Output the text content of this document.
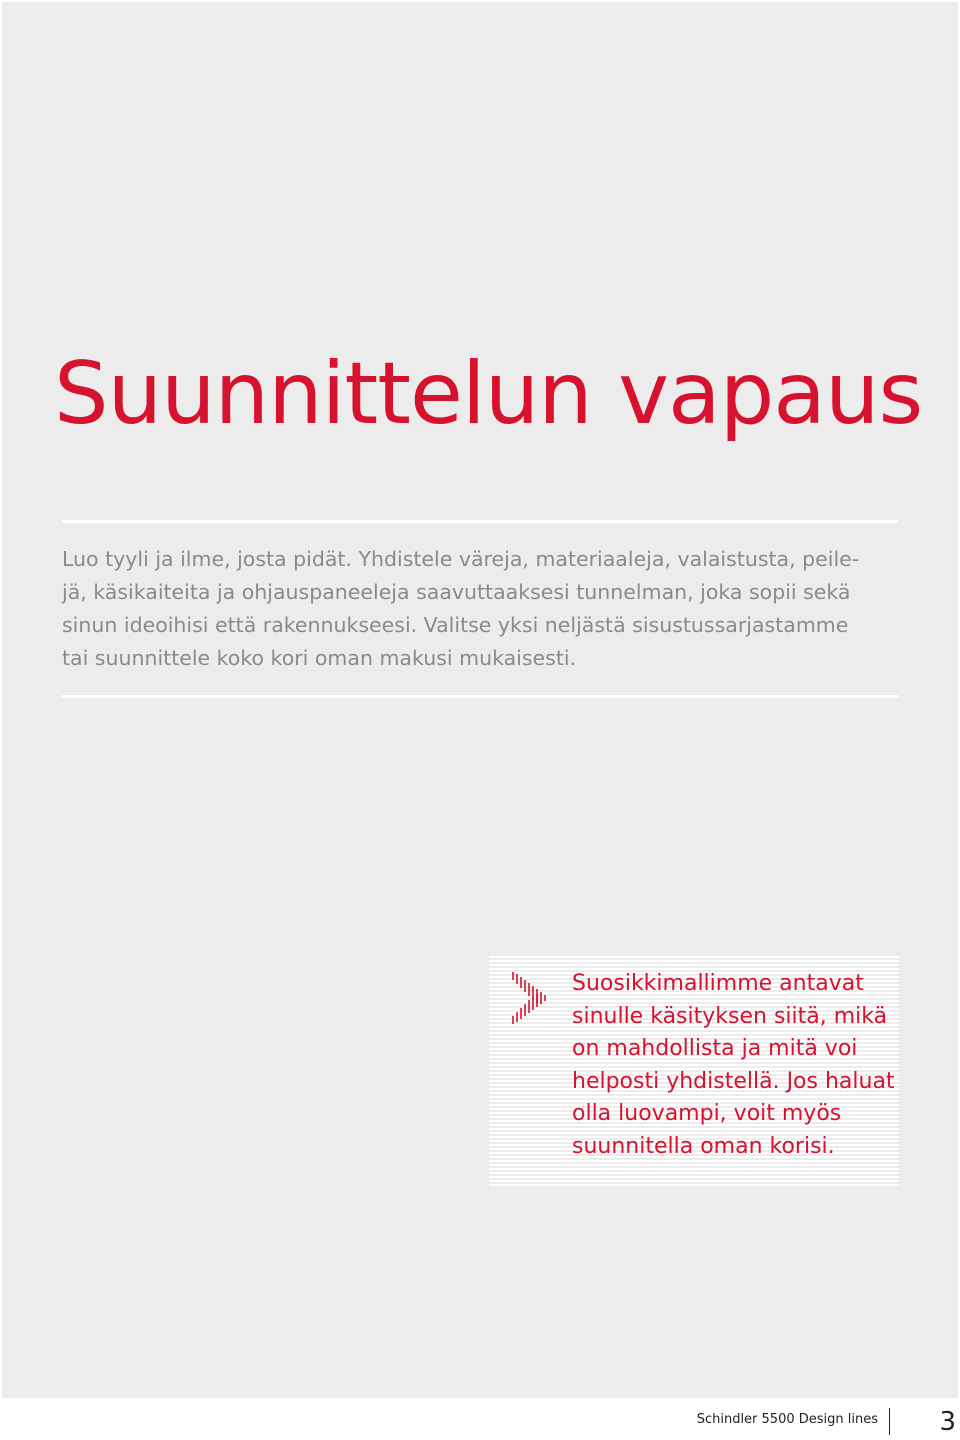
Suunnittelun vapaus

Luo tyyli ja ilme, josta pidät. Yhdistele väreja, materiaaleja, valaistusta, peile-
jä, käsikaiteita ja ohjauspaneeleja saavuttaaksesi tunnelman, joka sopii sekä
sinun ideoihisi että rakennukseesi. Valitse yksi neljästä sisustussarjastamme
tai suunnittele koko kori oman makusi mukaisesti.

Suosikkimallimme antavat
sinulle käsityksen siitä, mikä
on mahdollista ja mitä voi
helposti yhdistellä. Jos haluat
olla luovampi, voit myös
suunnitella oman korisi.

Schindler 5500 Design lines 3
